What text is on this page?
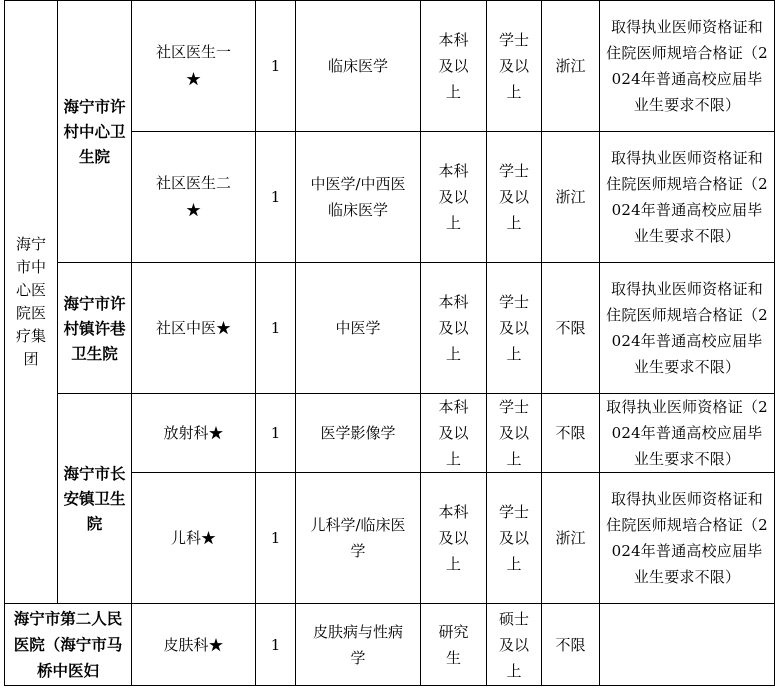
海宁市中心医院医疗集团	海宁市许村中心卫生院	社区医生一★	1	临床医学	本科及以上	学士及以上	浙江	取得执业医师资格证和住院医师规培合格证（2024年普通高校应届毕业生要求不限）

		社区医生二★	1	中医学/中西医临床医学	本科及以上	学士及以上	浙江	取得执业医师资格证和住院医师规培合格证（2024年普通高校应届毕业生要求不限）

	海宁市许村镇许巷卫生院	社区中医★	1	中医学	本科及以上	学士及以上	不限	取得执业医师资格证和住院医师规培合格证（2024年普通高校应届毕业生要求不限）

	海宁市长安镇卫生院	放射科★	1	医学影像学	本科及以上	学士及以上	不限	取得执业医师资格证（2024年普通高校应届毕业生要求不限）

		儿科★	1	儿科学/临床医学	本科及以上	学士及以上	浙江	取得执业医师资格证和住院医师规培合格证（2024年普通高校应届毕业生要求不限）

海宁市第二人民医院（海宁市马桥中医妇		皮肤科★	1	皮肤病与性病学	研究生	硕士及以上	不限	
